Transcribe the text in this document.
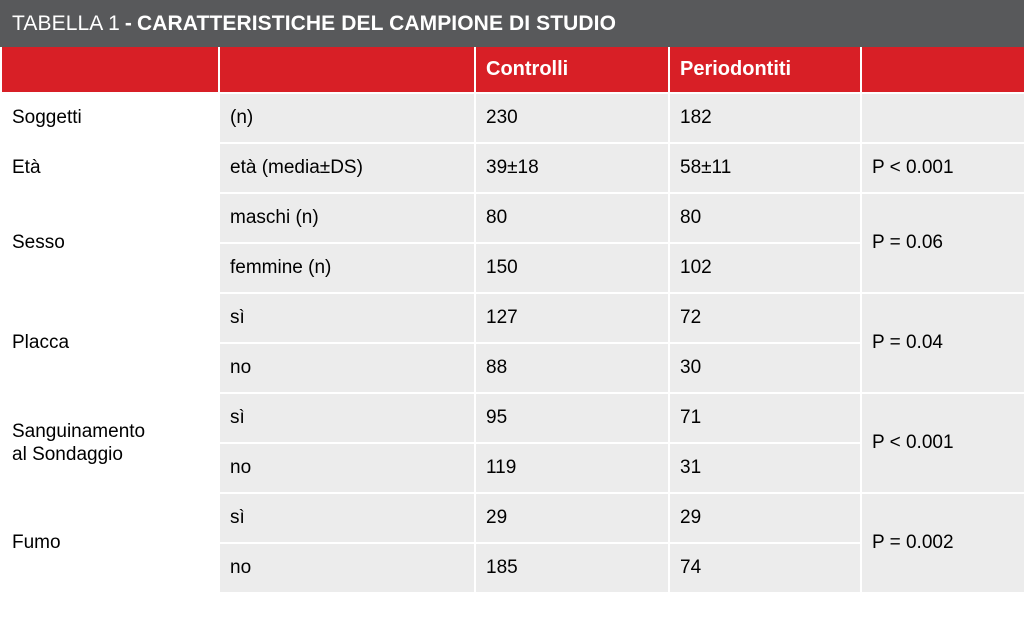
TABELLA 1 - CARATTERISTICHE DEL CAMPIONE DI STUDIO
		Controlli	Periodontiti	
Soggetti	(n)	230	182	
Età	età (media±DS)	39±18	58±11	P < 0.001
Sesso	maschi (n)	80	80	P = 0.06
	femmine (n)	150	102	
Placca	sì	127	72	P = 0.04
	no	88	30	

Sanguinamento
al Sondaggio	sì	95	71	P < 0.001
	no	119	31	
Fumo	sì	29	29	P = 0.002
	no	185	74	
